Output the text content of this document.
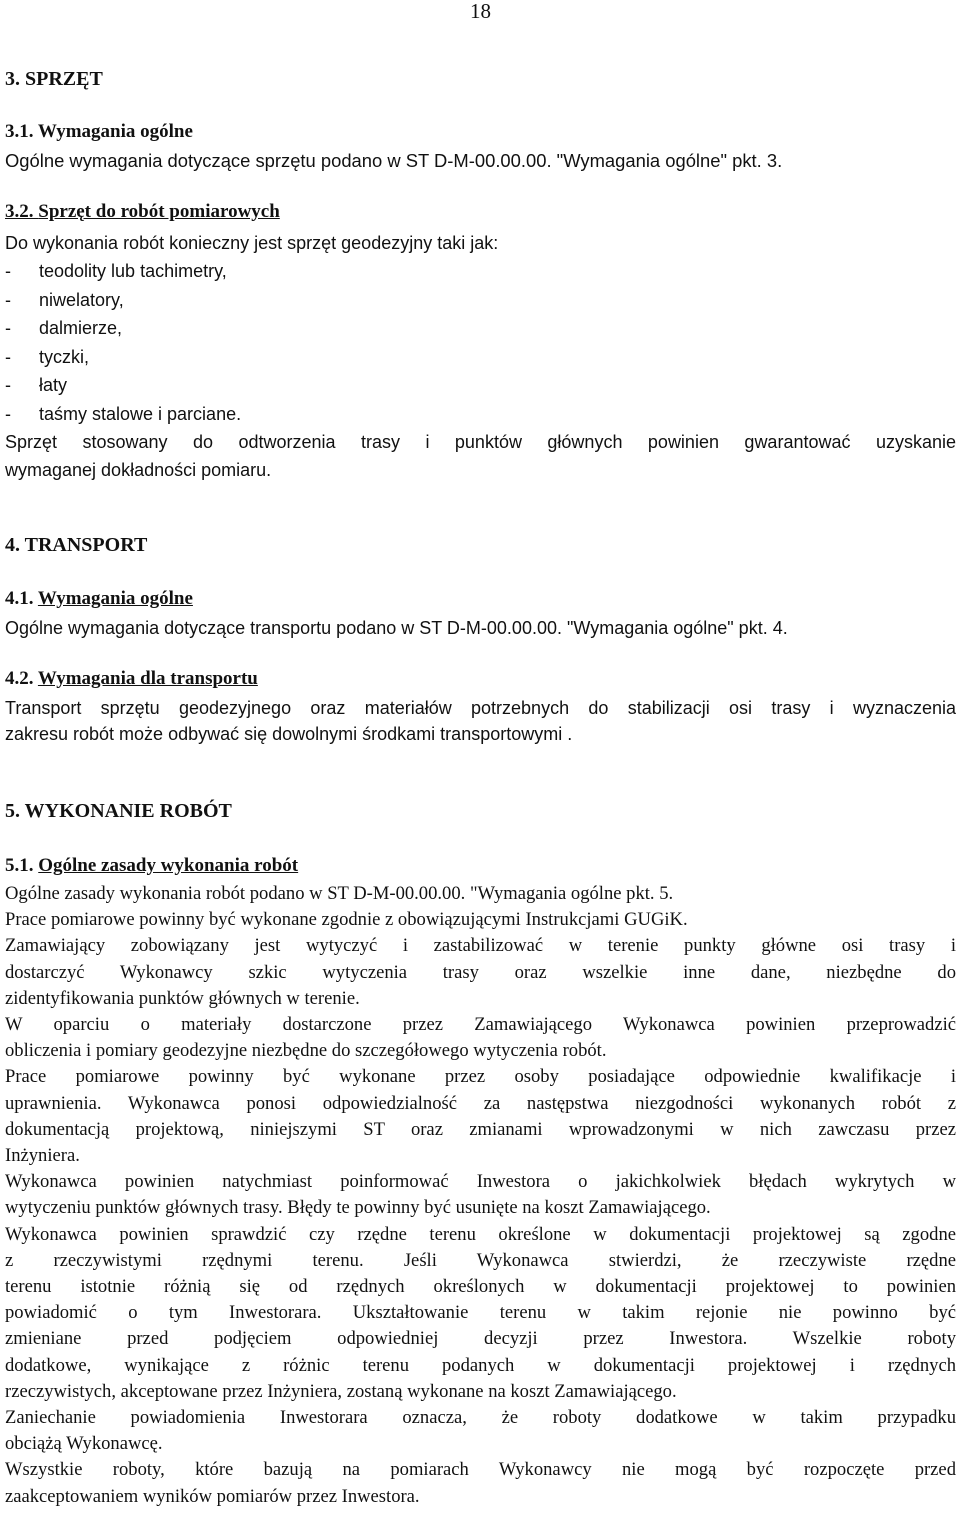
18

3. SPRZĘT
3.1. Wymagania ogólne

Ogólne wymagania dotyczące sprzętu podano w ST D-M-00.00.00. "Wymagania ogólne" pkt. 3.

3.2. Sprzęt do robót pomiarowych

Do wykonania robót konieczny jest sprzęt geodezyjny taki jak:

- teodolity lub tachimetry,
- niwelatory,
- dalmierze,
- tyczki,
- łaty
- taśmy stalowe i parciane.

Sprzęt stosowany do odtworzenia trasy i punktów głównych powinien gwarantować uzyskanie

wymaganej dokładności pomiaru.

4. TRANSPORT
4.1. Wymagania ogólne

Ogólne wymagania dotyczące transportu podano w ST D-M-00.00.00. "Wymagania ogólne" pkt. 4.

4.2. Wymagania dla transportu

Transport sprzętu geodezyjnego oraz materiałów potrzebnych do stabilizacji osi trasy i wyznaczenia

zakresu robót może odbywać się dowolnymi środkami transportowymi .

5. WYKONANIE ROBÓT
5.1. Ogólne zasady wykonania robót
Ogólne zasady wykonania robót podano w ST D-M-00.00.00. "Wymagania ogólne pkt. 5.
Prace pomiarowe powinny być wykonane zgodnie z obowiązującymi Instrukcjami GUGiK.
Zamawiający zobowiązany jest wytyczyć i zastabilizować w terenie punkty główne osi trasy i
dostarczyć Wykonawcy szkic wytyczenia trasy oraz wszelkie inne dane, niezbędne do
zidentyfikowania punktów głównych w terenie.
W oparciu o materiały dostarczone przez Zamawiającego Wykonawca powinien przeprowadzić
obliczenia i pomiary geodezyjne niezbędne do szczegółowego wytyczenia robót.
Prace pomiarowe powinny być wykonane przez osoby posiadające odpowiednie kwalifikacje i
uprawnienia. Wykonawca ponosi odpowiedzialność za następstwa niezgodności wykonanych robót z
dokumentacją projektową, niniejszymi ST oraz zmianami wprowadzonymi w nich zawczasu przez
Inżyniera.
Wykonawca powinien natychmiast poinformować Inwestora o jakichkolwiek błędach wykrytych w
wytyczeniu punktów głównych trasy. Błędy te powinny być usunięte na koszt Zamawiającego.
Wykonawca powinien sprawdzić czy rzędne terenu określone w dokumentacji projektowej są zgodne
z rzeczywistymi rzędnymi terenu. Jeśli Wykonawca stwierdzi, że rzeczywiste rzędne
terenu istotnie różnią się od rzędnych określonych w dokumentacji projektowej to powinien
powiadomić o tym Inwestorara. Ukształtowanie terenu w takim rejonie nie powinno być
zmieniane przed podjęciem odpowiedniej decyzji przez Inwestora. Wszelkie roboty
dodatkowe, wynikające z różnic terenu podanych w dokumentacji projektowej i rzędnych
rzeczywistych, akceptowane przez Inżyniera, zostaną wykonane na koszt Zamawiającego.
Zaniechanie powiadomienia Inwestorara oznacza, że roboty dodatkowe w takim przypadku
obciążą Wykonawcę.
Wszystkie roboty, które bazują na pomiarach Wykonawcy nie mogą być rozpoczęte przed
zaakceptowaniem wyników pomiarów przez Inwestora.
